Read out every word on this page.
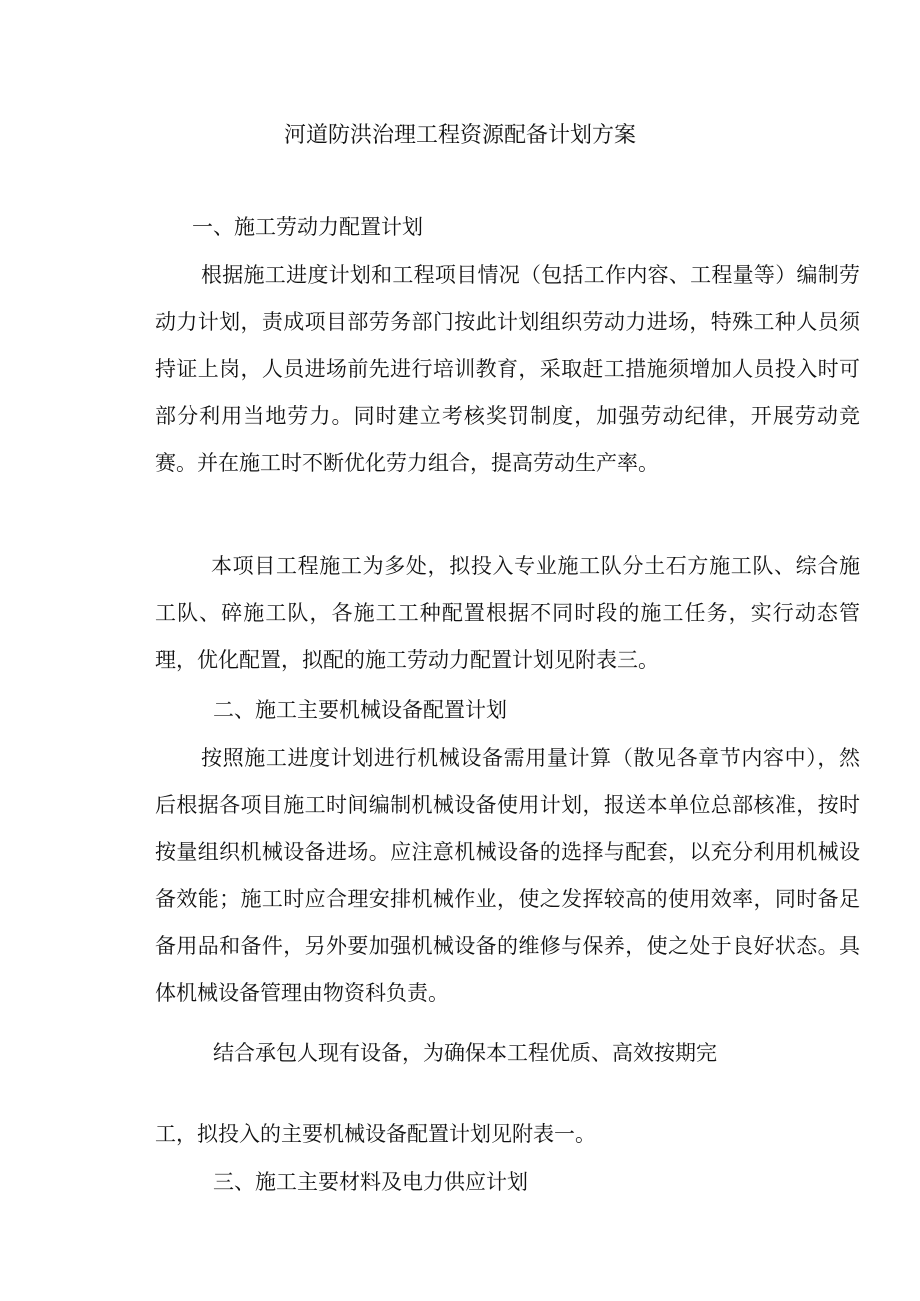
河道防洪治理工程资源配备计划方案
一、施工劳动力配置计划

根据施工进度计划和工程项目情况（包括工作内容、工程量等）编制劳动力计划，责成项目部劳务部门按此计划组织劳动力进场，特殊工种人员须持证上岗，人员进场前先进行培训教育，采取赶工措施须增加人员投入时可部分利用当地劳力。同时建立考核奖罚制度，加强劳动纪律，开展劳动竞赛。并在施工时不断优化劳力组合，提高劳动生产率。

本项目工程施工为多处，拟投入专业施工队分土石方施工队、综合施工队、碎施工队，各施工工种配置根据不同时段的施工任务，实行动态管理，优化配置，拟配的施工劳动力配置计划见附表三。

二、施工主要机械设备配置计划

按照施工进度计划进行机械设备需用量计算（散见各章节内容中），然后根据各项目施工时间编制机械设备使用计划，报送本单位总部核准，按时按量组织机械设备进场。应注意机械设备的选择与配套，以充分利用机械设备效能；施工时应合理安排机械作业，使之发挥较高的使用效率，同时备足备用品和备件，另外要加强机械设备的维修与保养，使之处于良好状态。具体机械设备管理由物资科负责。

结合承包人现有设备，为确保本工程优质、高效按期完
工，拟投入的主要机械设备配置计划见附表一。
三、施工主要材料及电力供应计划
